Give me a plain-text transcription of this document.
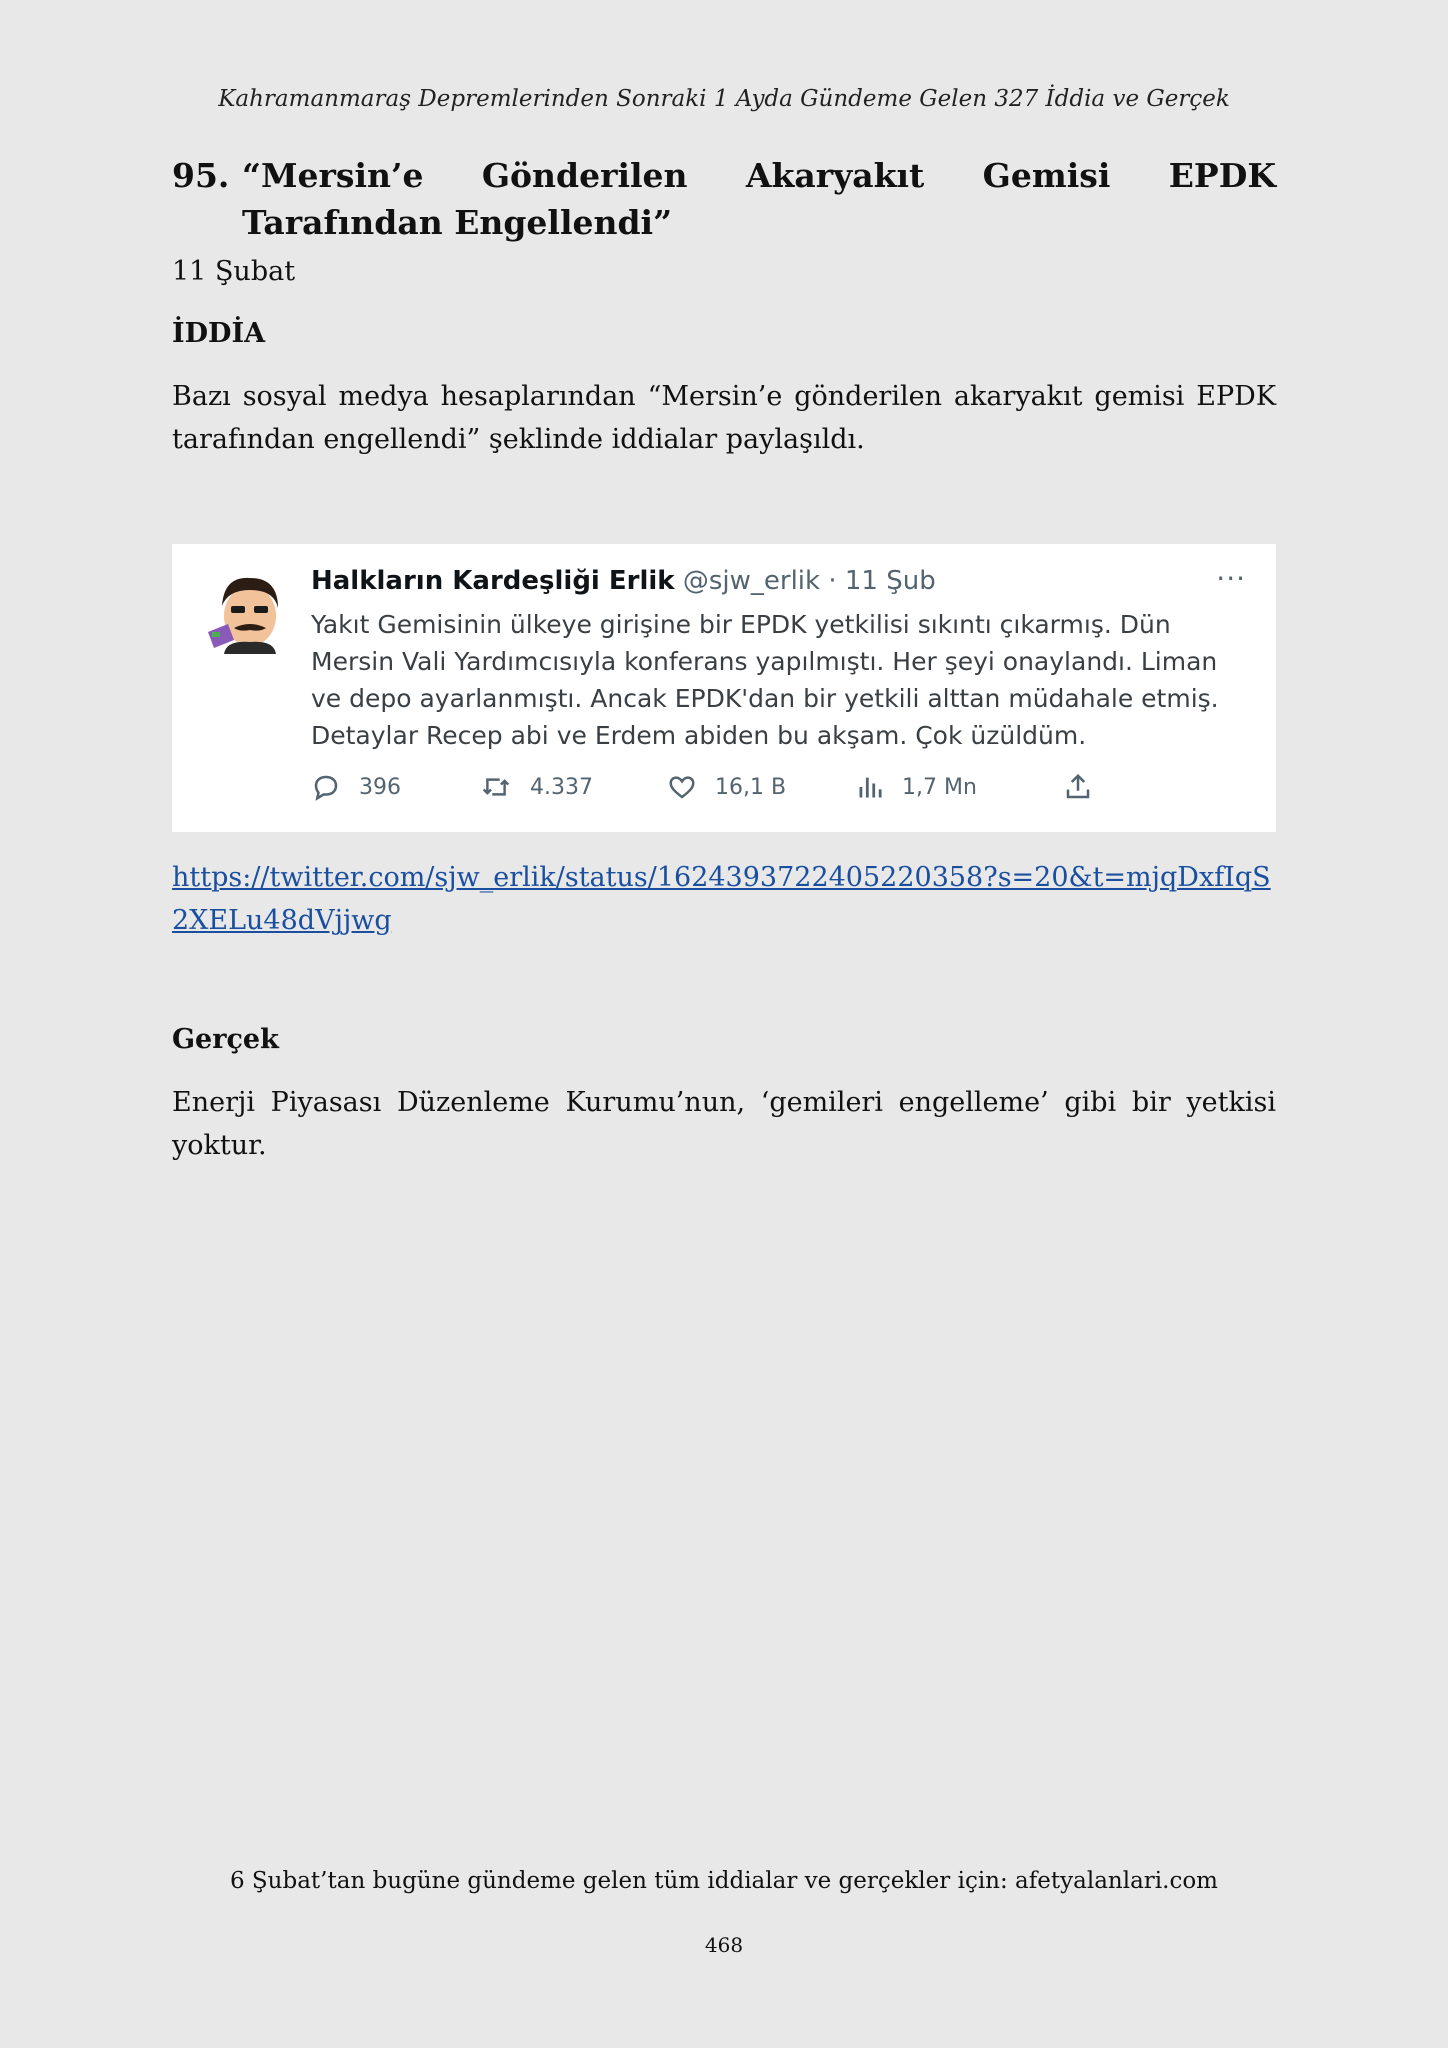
Kahramanmaraş Depremlerinden Sonraki 1 Ayda Gündeme Gelen 327 İddia ve Gerçek
95. “Mersin’e Gönderilen Akaryakıt Gemisi EPDK Tarafından Engellendi”
11 Şubat
İDDİA
Bazı sosyal medya hesaplarından “Mersin’e gönderilen akaryakıt gemisi EPDK tarafından engellendi” şeklinde iddialar paylaşıldı.
Halkların Kardeşliği Erlik @sjw_erlik · 11 Şub	···
Yakıt Gemisinin ülkeye girişine bir EPDK yetkilisi sıkıntı çıkarmış. Dün Mersin Vali Yardımcısıyla konferans yapılmıştı. Her şeyi onaylandı. Liman ve depo ayarlanmıştı. Ancak EPDK'dan bir yetkili alttan müdahale etmiş. Detaylar Recep abi ve Erdem abiden bu akşam. Çok üzüldüm.
396	4.337	16,1 B	1,7 Mn
https://twitter.com/sjw_erlik/status/1624393722405220358?s=20&t=mjqDxfIqS2XELu48dVjjwg
Gerçek
Enerji Piyasası Düzenleme Kurumu’nun, ‘gemileri engelleme’ gibi bir yetkisi yoktur.
6 Şubat’tan bugüne gündeme gelen tüm iddialar ve gerçekler için: afetyalanlari.com
468
